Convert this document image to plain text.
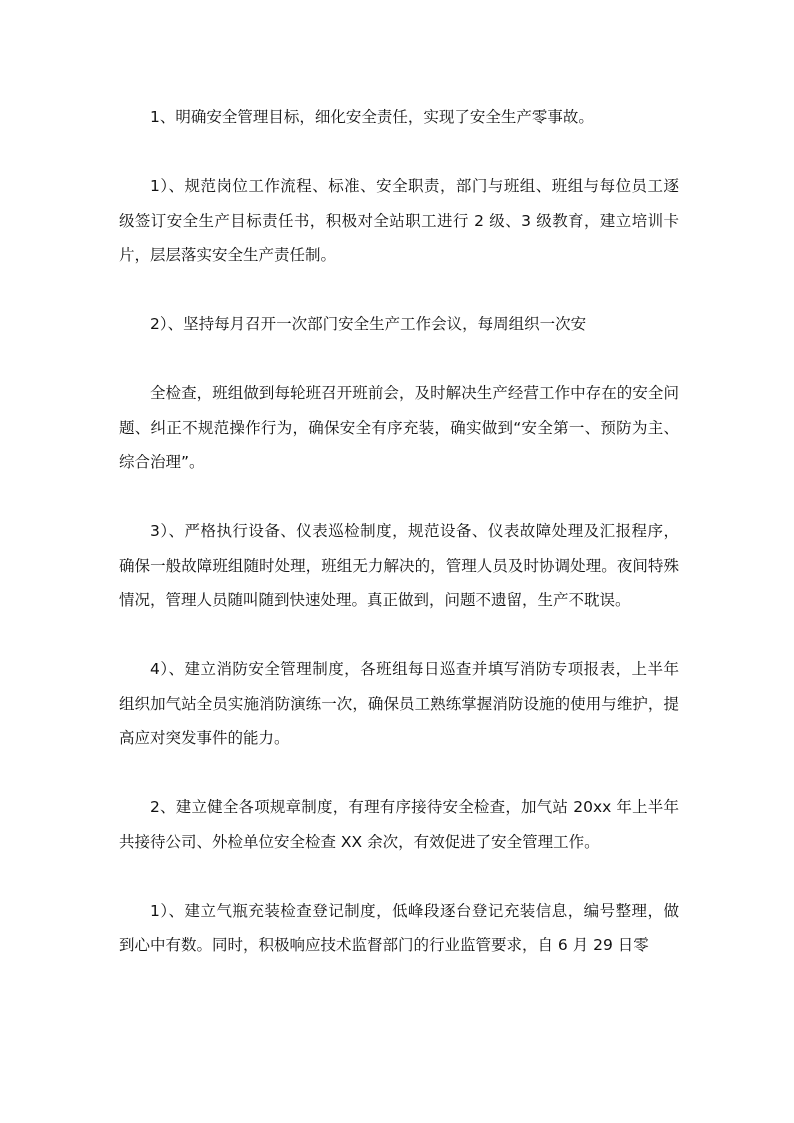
1、明确安全管理目标，细化安全责任，实现了安全生产零事故。

1）、规范岗位工作流程、标准、安全职责，部门与班组、班组与每位员工逐级签订安全生产目标责任书，积极对全站职工进行 2 级、3 级教育，建立培训卡片，层层落实安全生产责任制。

2）、坚持每月召开一次部门安全生产工作会议，每周组织一次安

全检查，班组做到每轮班召开班前会，及时解决生产经营工作中存在的安全问题、纠正不规范操作行为，确保安全有序充装，确实做到“安全第一、预防为主、综合治理”。

3）、严格执行设备、仪表巡检制度，规范设备、仪表故障处理及汇报程序，确保一般故障班组随时处理，班组无力解决的，管理人员及时协调处理。夜间特殊情况，管理人员随叫随到快速处理。真正做到，问题不遗留，生产不耽误。

4）、建立消防安全管理制度，各班组每日巡查并填写消防专项报表，上半年组织加气站全员实施消防演练一次，确保员工熟练掌握消防设施的使用与维护，提高应对突发事件的能力。

2、建立健全各项规章制度，有理有序接待安全检查，加气站 20xx 年上半年共接待公司、外检单位安全检查 XX 余次，有效促进了安全管理工作。

1）、建立气瓶充装检查登记制度，低峰段逐台登记充装信息，编号整理，做到心中有数。同时，积极响应技术监督部门的行业监管要求，自 6 月 29 日零
